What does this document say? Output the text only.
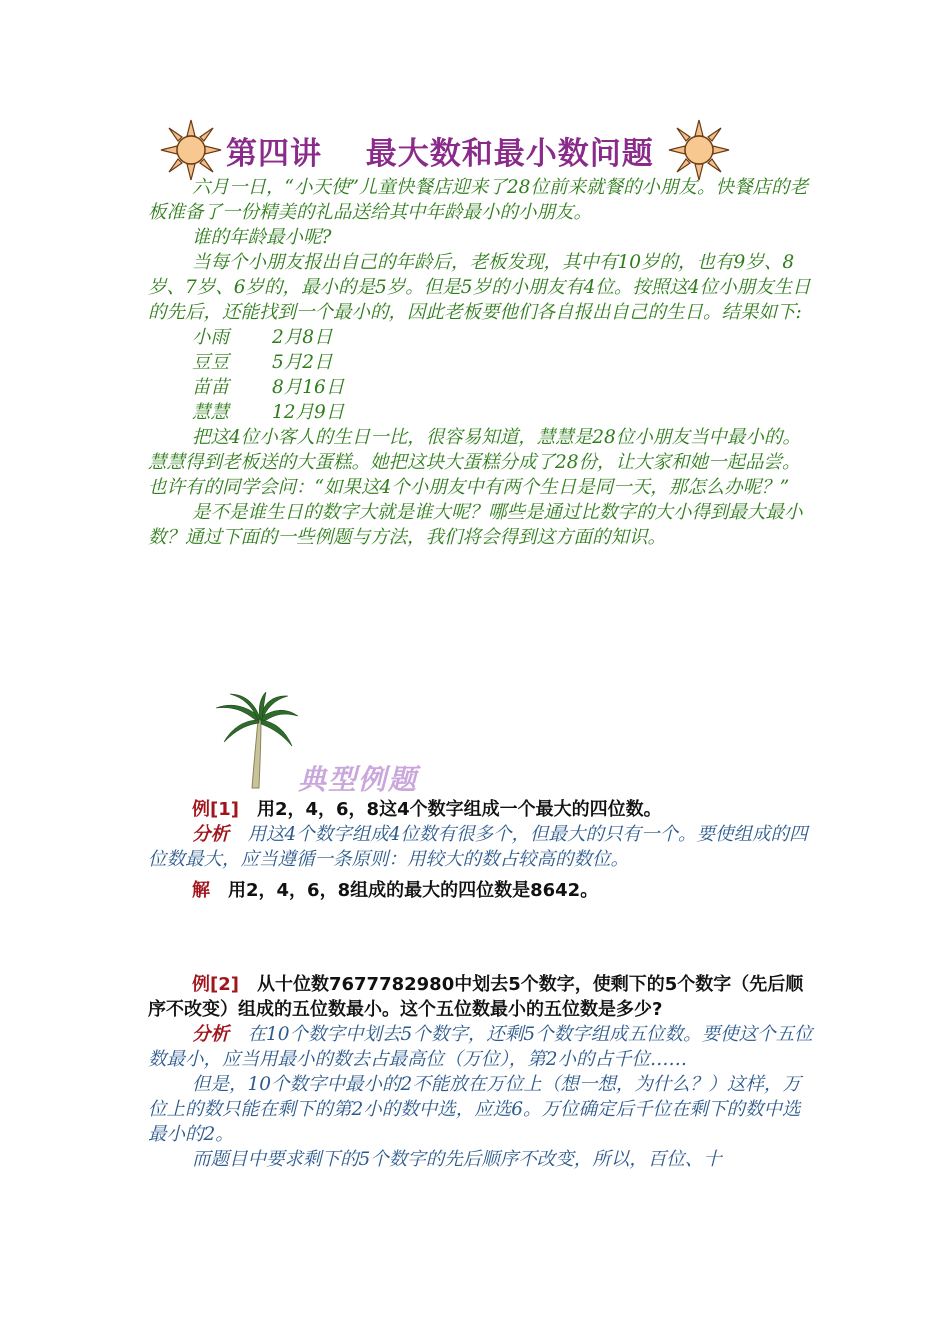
第四讲　 最大数和最小数问题

六月一日，“小天使”儿童快餐店迎来了28位前来就餐的小朋友。快餐店的老板准备了一份精美的礼品送给其中年龄最小的小朋友。

谁的年龄最小呢?

当每个小朋友报出自己的年龄后，老板发现，其中有10岁的，也有9岁、8岁、7岁、6岁的，最小的是5岁。但是5岁的小朋友有4位。按照这4位小朋友生日的先后，还能找到一个最小的，因此老板要他们各自报出自己的生日。结果如下:

小雨 2月8日

豆豆 5月2日

苗苗 8月16日

慧慧 12月9日

把这4位小客人的生日一比，很容易知道，慧慧是28位小朋友当中最小的。

慧慧得到老板送的大蛋糕。她把这块大蛋糕分成了28份，让大家和她一起品尝。

也许有的同学会问：“如果这4个小朋友中有两个生日是同一天，那怎么办呢？”

是不是谁生日的数字大就是谁大呢？哪些是通过比数字的大小得到最大最小数？通过下面的一些例题与方法，我们将会得到这方面的知识。

典型例题

例[1]　用2，4，6，8这4个数字组成一个最大的四位数。

分析　用这4个数字组成4位数有很多个，但最大的只有一个。要使组成的四位数最大，应当遵循一条原则：用较大的数占较高的数位。

解　用2，4，6，8组成的最大的四位数是8642。

例[2]　从十位数7677782980中划去5个数字，使剩下的5个数字（先后顺序不改变）组成的五位数最小。这个五位数最小的五位数是多少?

分析　在10个数字中划去5个数字，还剩5个数字组成五位数。要使这个五位数最小，应当用最小的数去占最高位（万位），第2小的占千位……

但是，10个数字中最小的2不能放在万位上（想一想，为什么？）这样，万位上的数只能在剩下的第2小的数中选，应选6。万位确定后千位在剩下的数中选最小的2。

而题目中要求剩下的5个数字的先后顺序不改变，所以，百位、十
